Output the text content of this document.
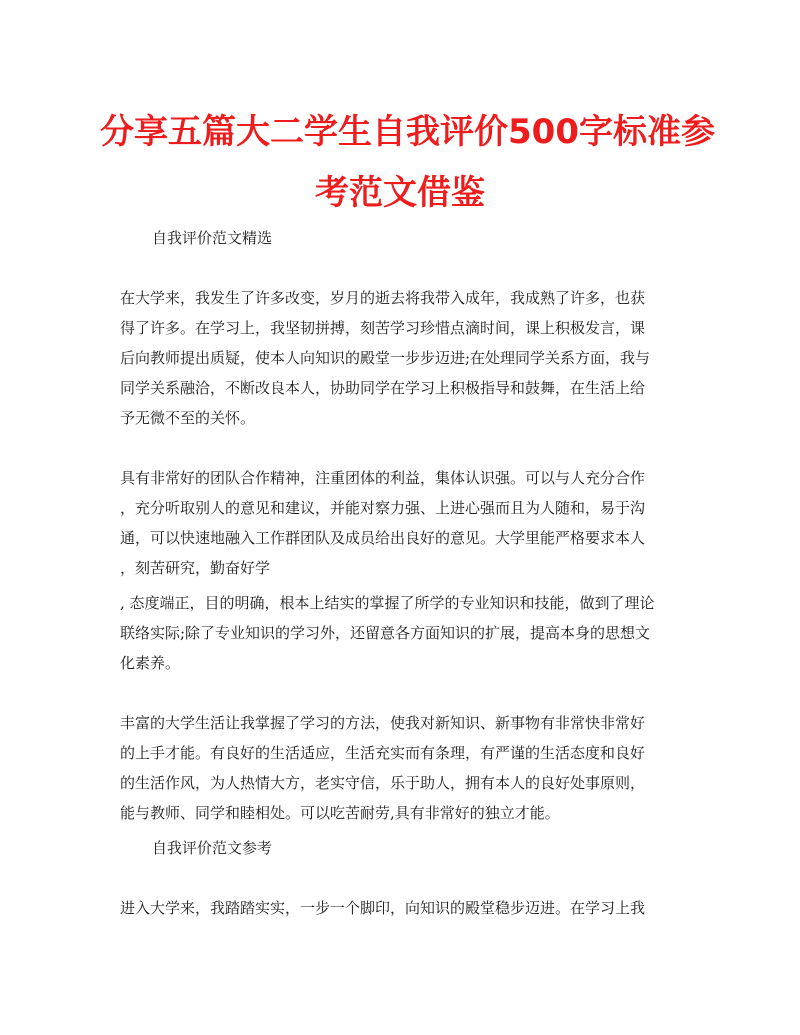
分享五篇大二学生自我评价500字标准参
考范文借鉴

自我评价范文精选

在大学来，我发生了许多改变，岁月的逝去将我带入成年，我成熟了许多，也获

得了许多。在学习上，我坚韧拼搏，刻苦学习珍惜点滴时间，课上积极发言，课

后向教师提出质疑，使本人向知识的殿堂一步步迈进;在处理同学关系方面，我与

同学关系融洽，不断改良本人，协助同学在学习上积极指导和鼓舞，在生活上给

予无微不至的关怀。

具有非常好的团队合作精神，注重团体的利益，集体认识强。可以与人充分合作

，充分听取别人的意见和建议，并能对察力强、上进心强而且为人随和，易于沟

通，可以快速地融入工作群团队及成员给出良好的意见。大学里能严格要求本人

，刻苦研究，勤奋好学

, 态度端正，目的明确，根本上结实的掌握了所学的专业知识和技能，做到了理论

联络实际;除了专业知识的学习外，还留意各方面知识的扩展，提高本身的思想文

化素养。

丰富的大学生活让我掌握了学习的方法，使我对新知识、新事物有非常快非常好

的上手才能。有良好的生活适应，生活充实而有条理，有严谨的生活态度和良好

的生活作风，为人热情大方，老实守信，乐于助人，拥有本人的良好处事原则，

能与教师、同学和睦相处。可以吃苦耐劳,具有非常好的独立才能。

自我评价范文参考

进入大学来，我踏踏实实，一步一个脚印，向知识的殿堂稳步迈进。在学习上我
